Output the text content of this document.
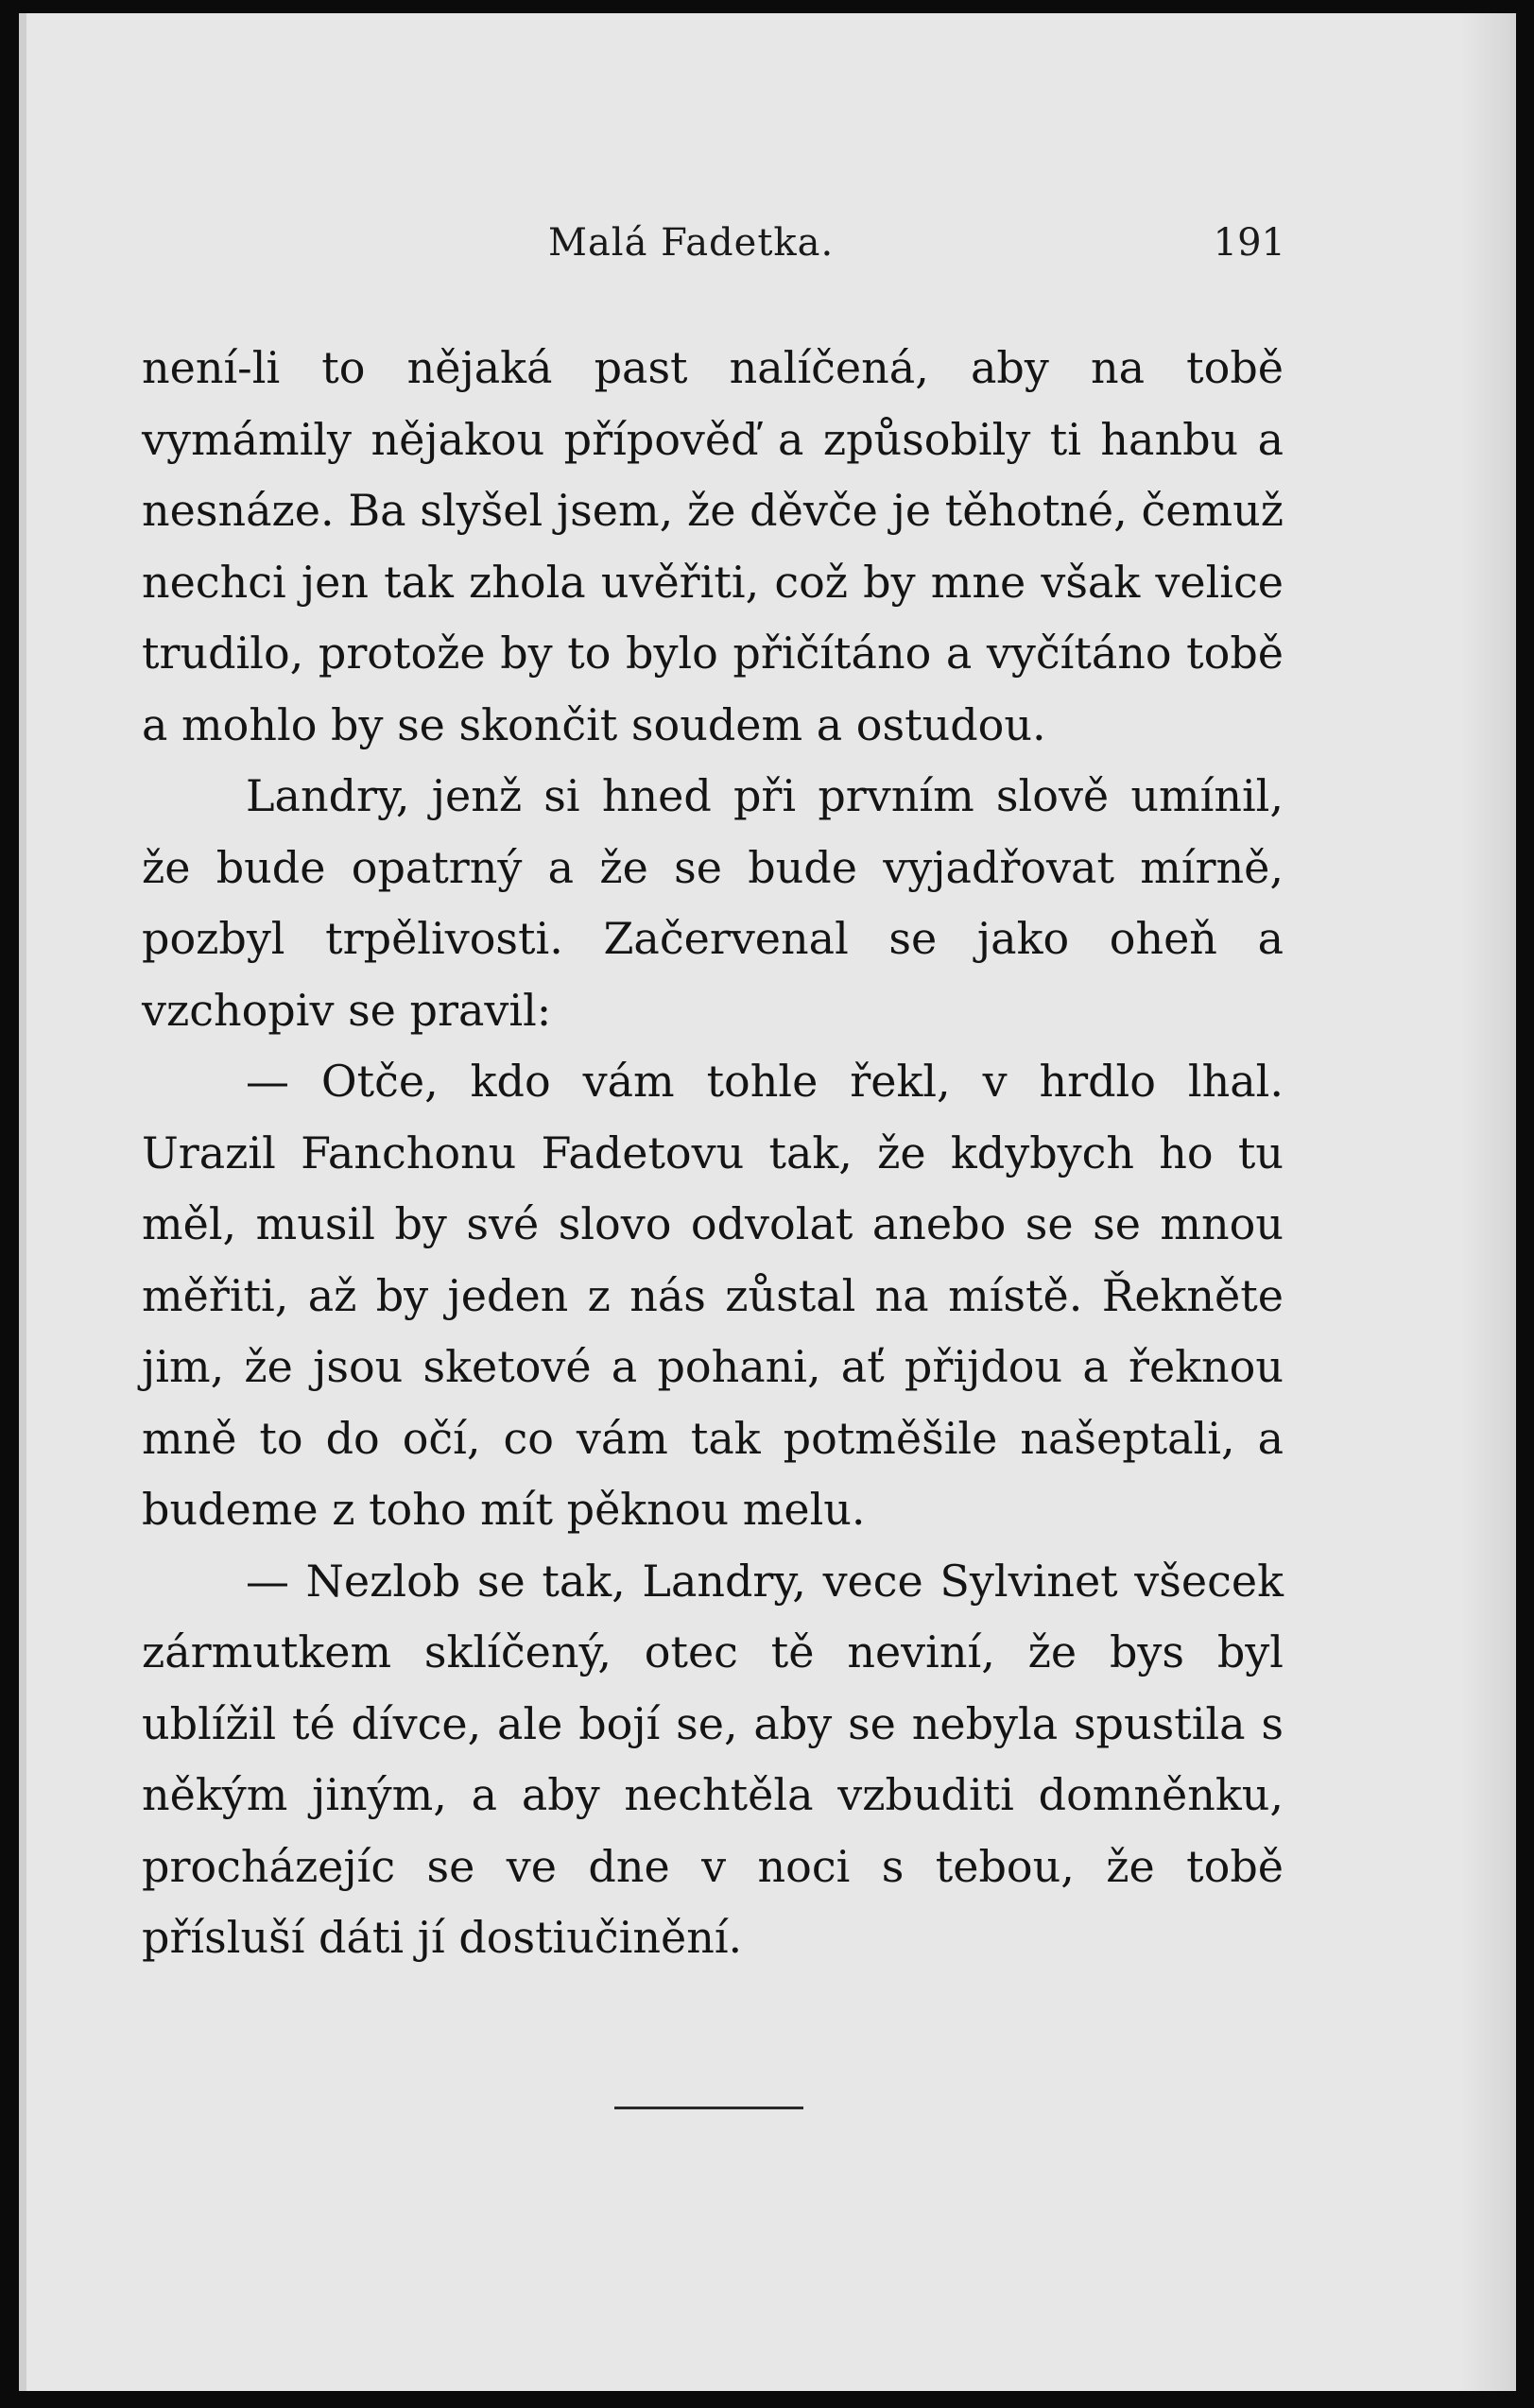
Malá Fadetka.	191

není-li to nějaká past nalíčená, aby na tobě vymámily nějakou přípověď a způsobily ti hanbu a nesnáze. Ba slyšel jsem, že děvče je těhotné, čemuž nechci jen tak zhola uvěřiti, což by mne však velice trudilo, protože by to bylo přičítáno a vyčítáno tobě a mohlo by se skončit soudem a ostudou.

Landry, jenž si hned při prvním slově umínil, že bude opatrný a že se bude vyjadřovat mírně, pozbyl trpělivosti. Začervenal se jako oheň a vzchopiv se pravil:

— Otče, kdo vám tohle řekl, v hrdlo lhal. Urazil Fanchonu Fadetovu tak, že kdybych ho tu měl, musil by své slovo odvolat anebo se se mnou měřiti, až by jeden z nás zůstal na místě. Řekněte jim, že jsou sketové a pohani, ať přijdou a řeknou mně to do očí, co vám tak potměšile našeptali, a budeme z toho mít pěknou melu.

— Nezlob se tak, Landry, vece Sylvinet všecek zármutkem sklíčený, otec tě neviní, že bys byl ublížil té dívce, ale bojí se, aby se nebyla spustila s někým jiným, a aby nechtěla vzbuditi domněnku, procházejíc se ve dne v noci s tebou, že tobě přísluší dáti jí dostiučinění.
